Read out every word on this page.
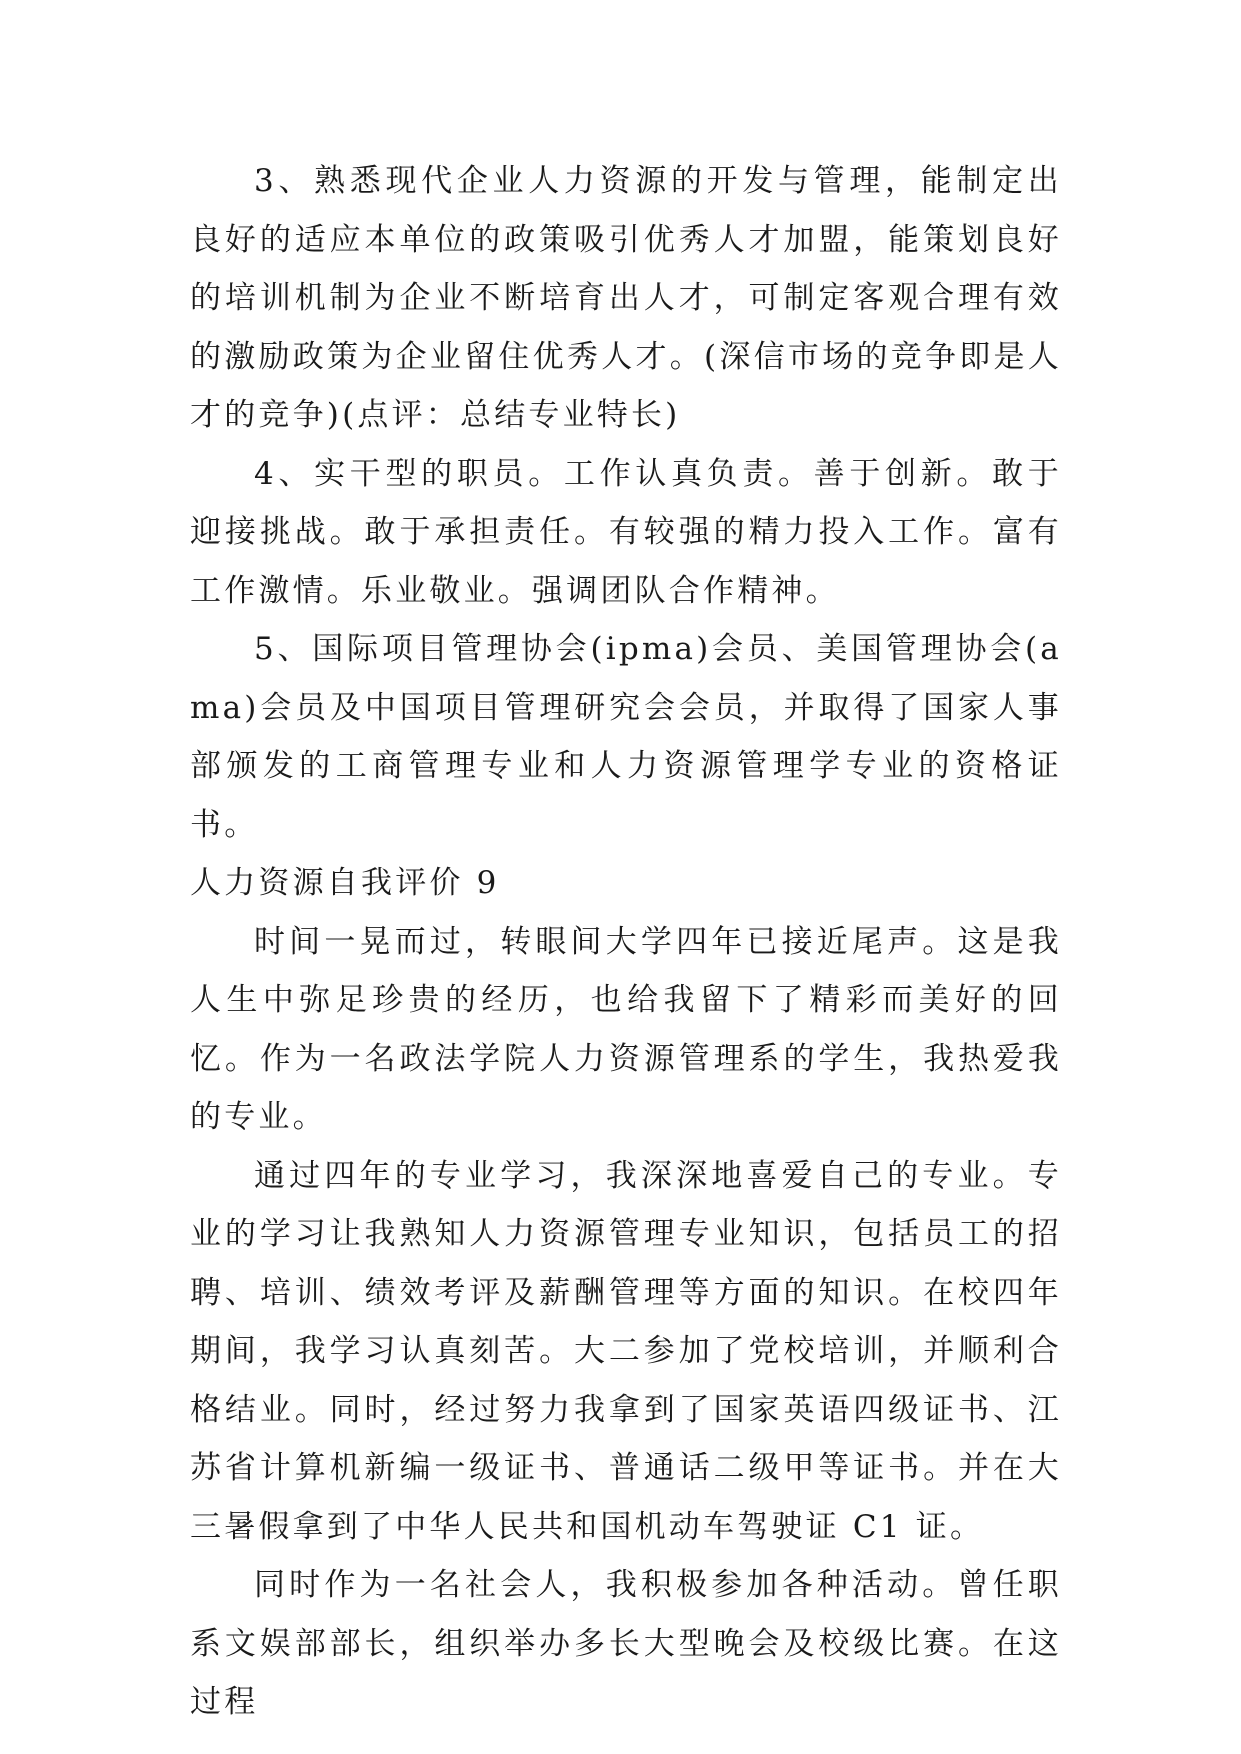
3、熟悉现代企业人力资源的开发与管理，能制定出良好的适应本单位的政策吸引优秀人才加盟，能策划良好的培训机制为企业不断培育出人才，可制定客观合理有效的激励政策为企业留住优秀人才。(深信市场的竞争即是人才的竞争)(点评：总结专业特长)

4、实干型的职员。工作认真负责。善于创新。敢于迎接挑战。敢于承担责任。有较强的精力投入工作。富有工作激情。乐业敬业。强调团队合作精神。

5、国际项目管理协会(ipma)会员、美国管理协会(ama)会员及中国项目管理研究会会员，并取得了国家人事部颁发的工商管理专业和人力资源管理学专业的资格证书。

人力资源自我评价 9

时间一晃而过，转眼间大学四年已接近尾声。这是我人生中弥足珍贵的经历，也给我留下了精彩而美好的回忆。作为一名政法学院人力资源管理系的学生，我热爱我的专业。

通过四年的专业学习，我深深地喜爱自己的专业。专业的学习让我熟知人力资源管理专业知识，包括员工的招聘、培训、绩效考评及薪酬管理等方面的知识。在校四年期间，我学习认真刻苦。大二参加了党校培训，并顺利合格结业。同时，经过努力我拿到了国家英语四级证书、江苏省计算机新编一级证书、普通话二级甲等证书。并在大三暑假拿到了中华人民共和国机动车驾驶证 C1 证。

同时作为一名社会人，我积极参加各种活动。曾任职系文娱部部长，组织举办多长大型晚会及校级比赛。在这过程
